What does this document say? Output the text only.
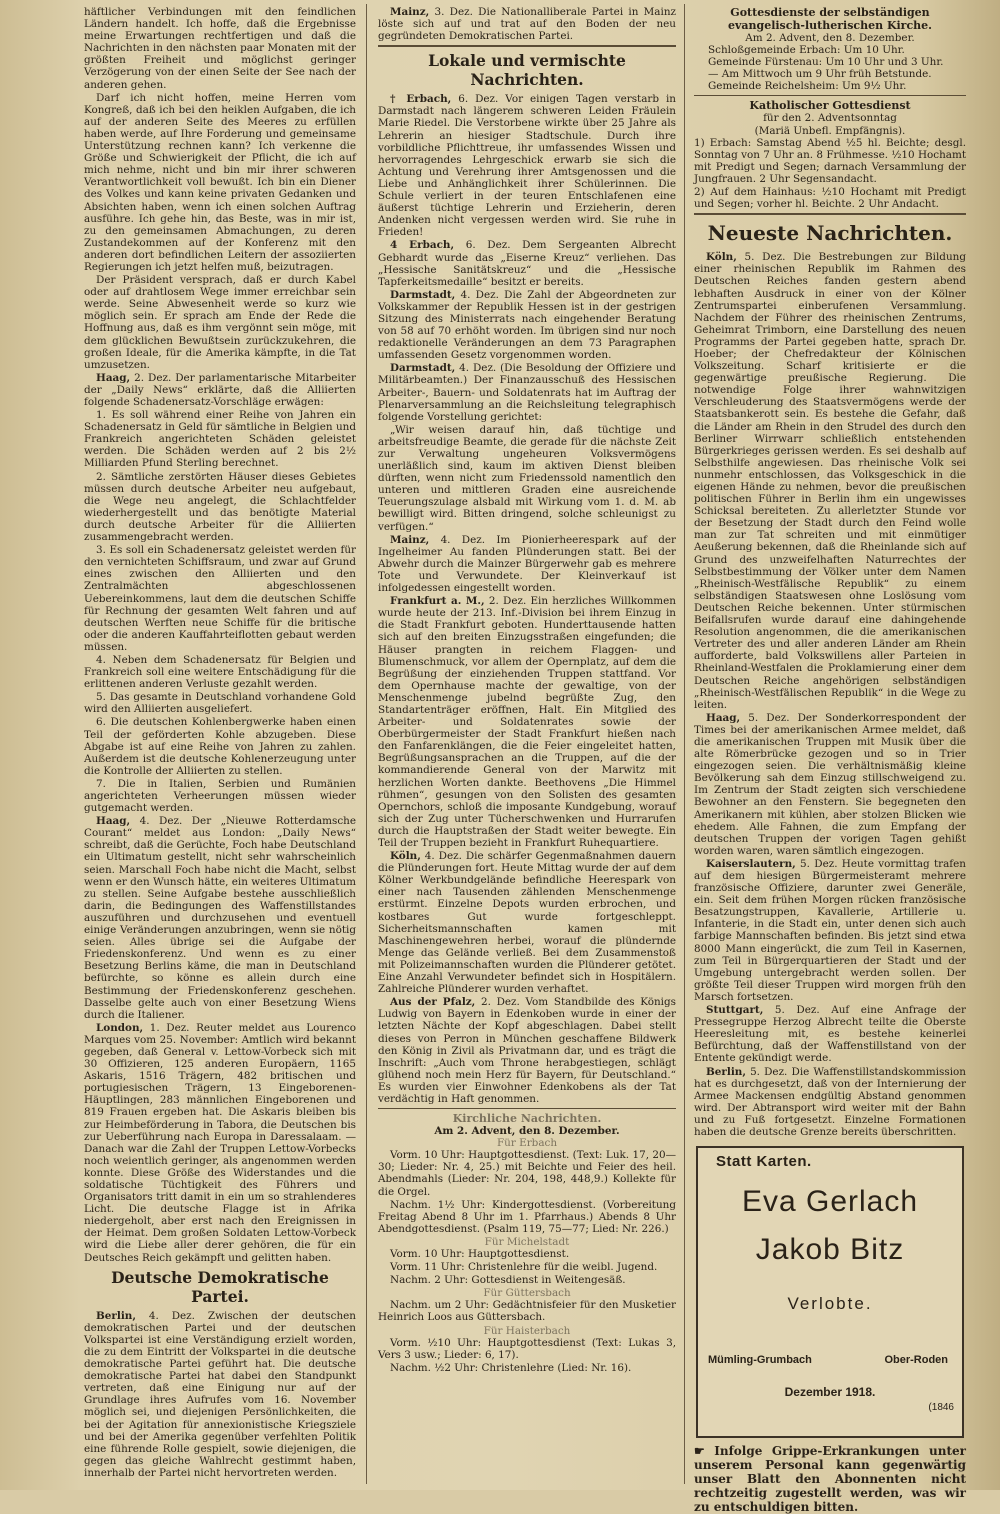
häftlicher Verbindungen mit den feindlichen Ländern handelt. Ich hoffe, daß die Ergebnisse meine Erwartungen rechtfertigen und daß die Nachrichten in den nächsten paar Monaten mit der größten Freiheit und möglichst geringer Verzögerung von der einen Seite der See nach der anderen gehen.

Darf ich nicht hoffen, meine Herren vom Kongreß, daß ich bei den heiklen Aufgaben, die ich auf der anderen Seite des Meeres zu erfüllen haben werde, auf Ihre Forderung und gemeinsame Unterstützung rechnen kann? Ich verkenne die Größe und Schwierigkeit der Pflicht, die ich auf mich nehme, nicht und bin mir ihrer schweren Verantwortlichkeit voll bewußt. Ich bin ein Diener des Volkes und kann keine privaten Gedanken und Absichten haben, wenn ich einen solchen Auftrag ausführe. Ich gehe hin, das Beste, was in mir ist, zu den gemeinsamen Abmachungen, zu deren Zustandekommen auf der Konferenz mit den anderen dort befindlichen Leitern der assoziierten Regierungen ich jetzt helfen muß, beizutragen.

Der Präsident versprach, daß er durch Kabel oder auf drahtlosem Wege immer erreichbar sein werde. Seine Abwesenheit werde so kurz wie möglich sein. Er sprach am Ende der Rede die Hoffnung aus, daß es ihm vergönnt sein möge, mit dem glücklichen Bewußtsein zurückzukehren, die großen Ideale, für die Amerika kämpfte, in die Tat umzusetzen.

Haag, 2. Dez. Der parlamentarische Mitarbeiter der „Daily News“ erklärte, daß die Alliierten folgende Schadenersatz-Vorschläge erwägen:

1. Es soll während einer Reihe von Jahren ein Schadenersatz in Geld für sämtliche in Belgien und Frankreich angerichteten Schäden geleistet werden. Die Schäden werden auf 2 bis 2½ Milliarden Pfund Sterling berechnet.

2. Sämtliche zerstörten Häuser dieses Gebietes müssen durch deutsche Arbeiter neu aufgebaut, die Wege neu angelegt, die Schlachtfelder wiederhergestellt und das benötigte Material durch deutsche Arbeiter für die Alliierten zusammengebracht werden.

3. Es soll ein Schadenersatz geleistet werden für den vernichteten Schiffsraum, und zwar auf Grund eines zwischen den Alliierten und den Zentralmächten abgeschlossenen Uebereinkommens, laut dem die deutschen Schiffe für Rechnung der gesamten Welt fahren und auf deutschen Werften neue Schiffe für die britische oder die anderen Kauffahrteiflotten gebaut werden müssen.

4. Neben dem Schadenersatz für Belgien und Frankreich soll eine weitere Entschädigung für die erlittenen anderen Verluste gezahlt werden.

5. Das gesamte in Deutschland vorhandene Gold wird den Alliierten ausgeliefert.

6. Die deutschen Kohlenbergwerke haben einen Teil der geförderten Kohle abzugeben. Diese Abgabe ist auf eine Reihe von Jahren zu zahlen. Außerdem ist die deutsche Kohlenerzeugung unter die Kontrolle der Alliierten zu stellen.

7. Die in Italien, Serbien und Rumänien angerichteten Verheerungen müssen wieder gutgemacht werden.

Haag, 4. Dez. Der „Nieuwe Rotterdamsche Courant“ meldet aus London: „Daily News“ schreibt, daß die Gerüchte, Foch habe Deutschland ein Ultimatum gestellt, nicht sehr wahrscheinlich seien. Marschall Foch habe nicht die Macht, selbst wenn er den Wunsch hätte, ein weiteres Ultimatum zu stellen. Seine Aufgabe bestehe ausschließlich darin, die Bedingungen des Waffenstillstandes auszuführen und durchzusehen und eventuell einige Veränderungen anzubringen, wenn sie nötig seien. Alles übrige sei die Aufgabe der Friedenskonferenz. Und wenn es zu einer Besetzung Berlins käme, die man in Deutschland befürchte, so könne es allein durch eine Bestimmung der Friedenskonferenz geschehen. Dasselbe gelte auch von einer Besetzung Wiens durch die Italiener.

London, 1. Dez. Reuter meldet aus Lourenco Marques vom 25. November: Amtlich wird bekannt gegeben, daß General v. Lettow-Vorbeck sich mit 30 Offizieren, 125 anderen Europäern, 1165 Askaris, 1516 Trägern, 482 britischen und portugiesischen Trägern, 13 Eingeborenen-Häuptlingen, 283 männlichen Eingeborenen und 819 Frauen ergeben hat. Die Askaris bleiben bis zur Heimbeförderung in Tabora, die Deutschen bis zur Ueberführung nach Europa in Daressalaam. — Danach war die Zahl der Truppen Lettow-Vorbecks noch weientlich geringer, als angenommen werden konnte. Diese Größe des Widerstandes und die soldatische Tüchtigkeit des Führers und Organisators tritt damit in ein um so strahlenderes Licht. Die deutsche Flagge ist in Afrika niedergeholt, aber erst nach den Ereignissen in der Heimat. Dem großen Soldaten Lettow-Vorbeck wird die Liebe aller derer gehören, die für ein Deutsches Reich gekämpft und gelitten haben.

Deutsche Demokratische Partei.

Berlin, 4. Dez. Zwischen der deutschen demokratischen Partei und der deutschen Volkspartei ist eine Verständigung erzielt worden, die zu dem Eintritt der Volkspartei in die deutsche demokratische Partei geführt hat. Die deutsche demokratische Partei hat dabei den Standpunkt vertreten, daß eine Einigung nur auf der Grundlage ihres Aufrufes vom 16. November möglich sei, und diejenigen Persönlichkeiten, die bei der Agitation für annexionistische Kriegsziele und bei der Amerika gegenüber verfehlten Politik eine führende Rolle gespielt, sowie diejenigen, die gegen das gleiche Wahlrecht gestimmt haben, innerhalb der Partei nicht hervortreten werden.

Mainz, 3. Dez. Die Nationalliberale Partei in Mainz löste sich auf und trat auf den Boden der neu gegründeten Demokratischen Partei.

Lokale und vermischte Nachrichten.

† Erbach, 6. Dez. Vor einigen Tagen verstarb in Darmstadt nach längerem schweren Leiden Fräulein Marie Riedel. Die Verstorbene wirkte über 25 Jahre als Lehrerin an hiesiger Stadtschule. Durch ihre vorbildliche Pflichttreue, ihr umfassendes Wissen und hervorragendes Lehrgeschick erwarb sie sich die Achtung und Verehrung ihrer Amtsgenossen und die Liebe und Anhänglichkeit ihrer Schülerinnen. Die Schule verliert in der teuren Entschlafenen eine äußerst tüchtige Lehrerin und Erzieherin, deren Andenken nicht vergessen werden wird. Sie ruhe in Frieden!

4 Erbach, 6. Dez. Dem Sergeanten Albrecht Gebhardt wurde das „Eiserne Kreuz“ verliehen. Das „Hessische Sanitätskreuz“ und die „Hessische Tapferkeitsmedaille“ besitzt er bereits.

Darmstadt, 4. Dez. Die Zahl der Abgeordneten zur Volkskammer der Republik Hessen ist in der gestrigen Sitzung des Ministerrats nach eingehender Beratung von 58 auf 70 erhöht worden. Im übrigen sind nur noch redaktionelle Veränderungen an dem 73 Paragraphen umfassenden Gesetz vorgenommen worden.

Darmstadt, 4. Dez. (Die Besoldung der Offiziere und Militärbeamten.) Der Finanzausschuß des Hessischen Arbeiter-, Bauern- und Soldatenrats hat im Auftrag der Plenarversammlung an die Reichsleitung telegraphisch folgende Vorstellung gerichtet:

„Wir weisen darauf hin, daß tüchtige und arbeitsfreudige Beamte, die gerade für die nächste Zeit zur Verwaltung ungeheuren Volksvermögens unerläßlich sind, kaum im aktiven Dienst bleiben dürften, wenn nicht zum Friedenssold namentlich den unteren und mittleren Graden eine ausreichende Teuerungszulage alsbald mit Wirkung vom 1. d. M. ab bewilligt wird. Bitten dringend, solche schleunigst zu verfügen.“

Mainz, 4. Dez. Im Pionierheerespark auf der Ingelheimer Au fanden Plünderungen statt. Bei der Abwehr durch die Mainzer Bürgerwehr gab es mehrere Tote und Verwundete. Der Kleinverkauf ist infolgedessen eingestellt worden.

Frankfurt a. M., 2. Dez. Ein herzliches Willkommen wurde heute der 213. Inf.-Division bei ihrem Einzug in die Stadt Frankfurt geboten. Hunderttausende hatten sich auf den breiten Einzugsstraßen eingefunden; die Häuser prangten in reichem Flaggen- und Blumenschmuck, vor allem der Opernplatz, auf dem die Begrüßung der einziehenden Truppen stattfand. Vor dem Opernhause machte der gewaltige, von der Menschenmenge jubelnd begrüßte Zug, den Standartenträger eröffnen, Halt. Ein Mitglied des Arbeiter- und Soldatenrates sowie der Oberbürgermeister der Stadt Frankfurt hießen nach den Fanfarenklängen, die die Feier eingeleitet hatten, Begrüßungsansprachen an die Truppen, auf die der kommandierende General von der Marwitz mit herzlichen Worten dankte. Beethovens „Die Himmel rühmen“, gesungen von den Solisten des gesamten Opernchors, schloß die imposante Kundgebung, worauf sich der Zug unter Tücherschwenken und Hurrarufen durch die Hauptstraßen der Stadt weiter bewegte. Ein Teil der Truppen bezieht in Frankfurt Ruhequartiere.

Köln, 4. Dez. Die schärfer Gegenmaßnahmen dauern die Plünderungen fort. Heute Mittag wurde der auf dem Kölner Werkbundgelände befindliche Heerespark von einer nach Tausenden zählenden Menschenmenge erstürmt. Einzelne Depots wurden erbrochen, und kostbares Gut wurde fortgeschleppt. Sicherheitsmannschaften kamen mit Maschinengewehren herbei, worauf die plündernde Menge das Gelände verließ. Bei dem Zusammenstoß mit Polizeimannschaften wurden die Plünderer getötet. Eine Anzahl Verwundeter befindet sich in Hospitälern. Zahlreiche Plünderer wurden verhaftet.

Aus der Pfalz, 2. Dez. Vom Standbilde des Königs Ludwig von Bayern in Edenkoben wurde in einer der letzten Nächte der Kopf abgeschlagen. Dabei stellt dieses von Perron in München geschaffene Bildwerk den König in Zivil als Privatmann dar, und es trägt die Inschrift: „Auch vom Throne herabgestiegen, schlägt glühend noch mein Herz für Bayern, für Deutschland.“ Es wurden vier Einwohner Edenkobens als der Tat verdächtig in Haft genommen.

Kirchliche Nachrichten.
Am 2. Advent, den 8. Dezember.
Für Erbach

Vorm. 10 Uhr: Hauptgottesdienst. (Text: Luk. 17, 20—30; Lieder: Nr. 4, 25.) mit Beichte und Feier des heil. Abendmahls (Lieder: Nr. 204, 198, 448,9.) Kollekte für die Orgel.

Nachm. 1½ Uhr: Kindergottesdienst. (Vorbereitung Freitag Abend 8 Uhr im 1. Pfarrhaus.) Abends 8 Uhr Abendgottesdienst. (Psalm 119, 75—77; Lied: Nr. 226.)

Für Michelstadt

Vorm. 10 Uhr: Hauptgottesdienst.

Vorm. 11 Uhr: Christenlehre für die weibl. Jugend.

Nachm. 2 Uhr: Gottesdienst in Weitengesäß.

Für Güttersbach

Nachm. um 2 Uhr: Gedächtnisfeier für den Musketier Heinrich Loos aus Güttersbach.

Für Haisterbach

Vorm. ½10 Uhr: Hauptgottesdienst (Text: Lukas 3, Vers 3 usw.; Lieder: 6, 17).

Nachm. ½2 Uhr: Christenlehre (Lied: Nr. 16).

Gottesdienste der selbständigen evangelisch-lutherischen Kirche.
Am 2. Advent, den 8. Dezember.
Schloßgemeinde Erbach: Um 10 Uhr.
Gemeinde Fürstenau: Um 10 Uhr und 3 Uhr.
— Am Mittwoch um 9 Uhr früh Betstunde.
Gemeinde Reichelsheim: Um 9½ Uhr.
Katholischer Gottesdienst
für den 2. Adventsonntag
(Mariä Unbefl. Empfängnis).

1) Erbach: Samstag Abend ½5 hl. Beichte; desgl. Sonntag von 7 Uhr an. 8 Frühmesse. ½10 Hochamt mit Predigt und Segen; darnach Versammlung der Jungfrauen. 2 Uhr Segensandacht.

2) Auf dem Hainhaus: ½10 Hochamt mit Predigt und Segen; vorher hl. Beichte. 2 Uhr Andacht.

Neueste Nachrichten.

Köln, 5. Dez. Die Bestrebungen zur Bildung einer rheinischen Republik im Rahmen des Deutschen Reiches fanden gestern abend lebhaften Ausdruck in einer von der Kölner Zentrumspartei einberufenen Versammlung. Nachdem der Führer des rheinischen Zentrums, Geheimrat Trimborn, eine Darstellung des neuen Programms der Partei gegeben hatte, sprach Dr. Hoeber; der Chefredakteur der Kölnischen Volkszeitung. Scharf kritisierte er die gegenwärtige preußische Regierung. Die notwendige Folge ihrer wahnwitzigen Verschleuderung des Staatsvermögens werde der Staatsbankerott sein. Es bestehe die Gefahr, daß die Länder am Rhein in den Strudel des durch den Berliner Wirrwarr schließlich entstehenden Bürgerkrieges gerissen werden. Es sei deshalb auf Selbsthilfe angewiesen. Das rheinische Volk sei nunmehr entschlossen, das Volksgeschick in die eigenen Hände zu nehmen, bevor die preußischen politischen Führer in Berlin ihm ein ungewisses Schicksal bereiteten. Zu allerletzter Stunde vor der Besetzung der Stadt durch den Feind wolle man zur Tat schreiten und mit einmütiger Aeußerung bekennen, daß die Rheinlande sich auf Grund des unzweifelhaften Naturrechtes der Selbstbestimmung der Völker unter dem Namen „Rheinisch-Westfälische Republik“ zu einem selbständigen Staatswesen ohne Loslösung vom Deutschen Reiche bekennen. Unter stürmischen Beifallsrufen wurde darauf eine dahingehende Resolution angenommen, die die amerikanischen Vertreter des und aller anderen Länder am Rhein aufforderte, bald Volkswillens aller Parteien in Rheinland-Westfalen die Proklamierung einer dem Deutschen Reiche angehörigen selbständigen „Rheinisch-Westfälischen Republik“ in die Wege zu leiten.

Haag, 5. Dez. Der Sonderkorrespondent der Times bei der amerikanischen Armee meldet, daß die amerikanischen Truppen mit Musik über die alte Römerbrücke gezogen und so in Trier eingezogen seien. Die verhältnismäßig kleine Bevölkerung sah dem Einzug stillschweigend zu. Im Zentrum der Stadt zeigten sich verschiedene Bewohner an den Fenstern. Sie begegneten den Amerikanern mit kühlen, aber stolzen Blicken wie ehedem. Alle Fahnen, die zum Empfang der deutschen Truppen der vorigen Tagen gehißt worden waren, waren sämtlich eingezogen.

Kaiserslautern, 5. Dez. Heute vormittag trafen auf dem hiesigen Bürgermeisteramt mehrere französische Offiziere, darunter zwei Generäle, ein. Seit dem frühen Morgen rücken französische Besatzungstruppen, Kavallerie, Artillerie u. Infanterie, in die Stadt ein, unter denen sich auch farbige Mannschaften befinden. Bis jetzt sind etwa 8000 Mann eingerückt, die zum Teil in Kasernen, zum Teil in Bürgerquartieren der Stadt und der Umgebung untergebracht werden sollen. Der größte Teil dieser Truppen wird morgen früh den Marsch fortsetzen.

Stuttgart, 5. Dez. Auf eine Anfrage der Pressegruppe Herzog Albrecht teilte die Oberste Heeresleitung mit, es bestehe keinerlei Befürchtung, daß der Waffenstillstand von der Entente gekündigt werde.

Berlin, 5. Dez. Die Waffenstillstandskommission hat es durchgesetzt, daß von der Internierung der Armee Mackensen endgültig Abstand genommen wird. Der Abtransport wird weiter mit der Bahn und zu Fuß fortgesetzt. Einzelne Formationen haben die deutsche Grenze bereits überschritten.

Statt Karten.
Eva Gerlach
Jakob Bitz
Verlobte.
Mümling-Grumbach	Ober-Roden
Dezember 1918.
(1846

☛ Infolge Grippe-Erkrankungen unter unserem Personal kann gegenwärtig unser Blatt den Abonnenten nicht rechtzeitig zugestellt werden, was wir zu entschuldigen bitten.
